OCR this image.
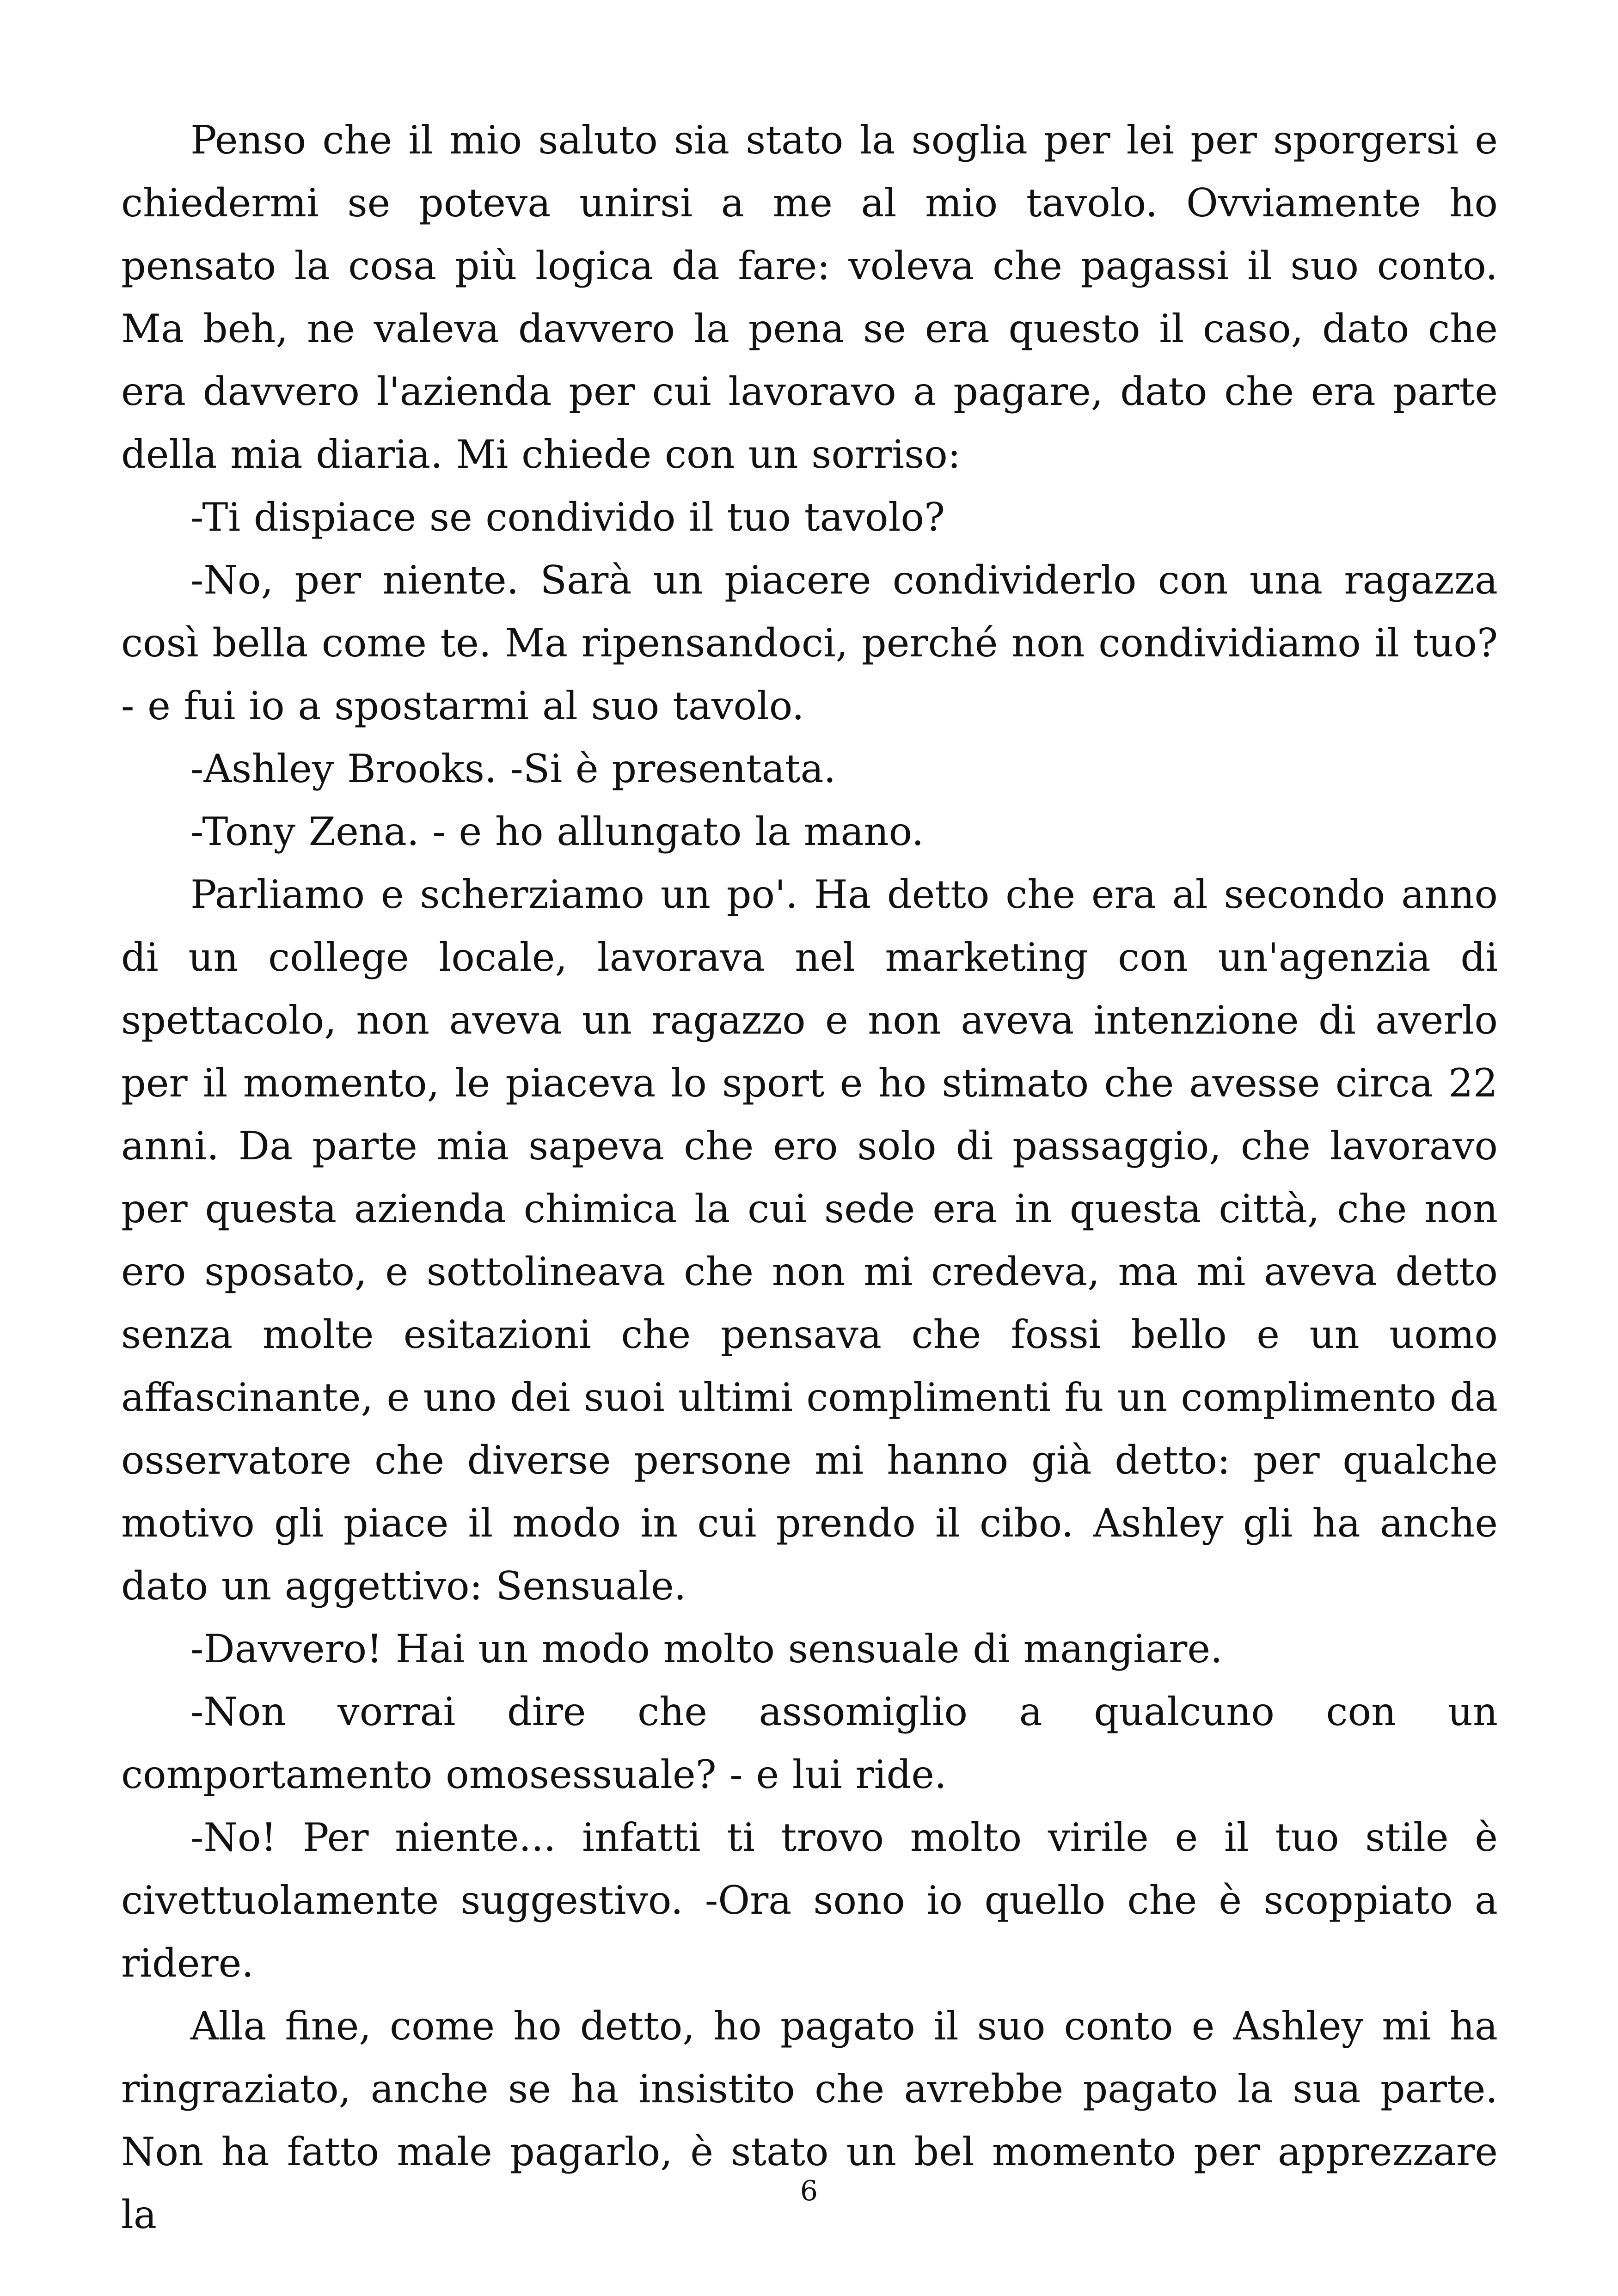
Penso che il mio saluto sia stato la soglia per lei per sporgersi e chiedermi se poteva unirsi a me al mio tavolo. Ovviamente ho pensato la cosa più logica da fare: voleva che pagassi il suo conto. Ma beh, ne valeva davvero la pena se era questo il caso, dato che era davvero l'azienda per cui lavoravo a pagare, dato che era parte della mia diaria. Mi chiede con un sorriso:

-Ti dispiace se condivido il tuo tavolo?

-No, per niente. Sarà un piacere condividerlo con una ragazza così bella come te. Ma ripensandoci, perché non condividiamo il tuo? - e fui io a spostarmi al suo tavolo.

-Ashley Brooks. -Si è presentata.

-Tony Zena. - e ho allungato la mano.

Parliamo e scherziamo un po'. Ha detto che era al secondo anno di un college locale, lavorava nel marketing con un'agenzia di spettacolo, non aveva un ragazzo e non aveva intenzione di averlo per il momento, le piaceva lo sport e ho stimato che avesse circa 22 anni. Da parte mia sapeva che ero solo di passaggio, che lavoravo per questa azienda chimica la cui sede era in questa città, che non ero sposato, e sottolineava che non mi credeva, ma mi aveva detto senza molte esitazioni che pensava che fossi bello e un uomo affascinante, e uno dei suoi ultimi complimenti fu un complimento da osservatore che diverse persone mi hanno già detto: per qualche motivo gli piace il modo in cui prendo il cibo. Ashley gli ha anche dato un aggettivo: Sensuale.

-Davvero! Hai un modo molto sensuale di mangiare.

-Non vorrai dire che assomiglio a qualcuno con un comportamento omosessuale? - e lui ride.

-No! Per niente... infatti ti trovo molto virile e il tuo stile è civettuolamente suggestivo. -Ora sono io quello che è scoppiato a ridere.

Alla fine, come ho detto, ho pagato il suo conto e Ashley mi ha ringraziato, anche se ha insistito che avrebbe pagato la sua parte. Non ha fatto male pagarlo, è stato un bel momento per apprezzare la

6
